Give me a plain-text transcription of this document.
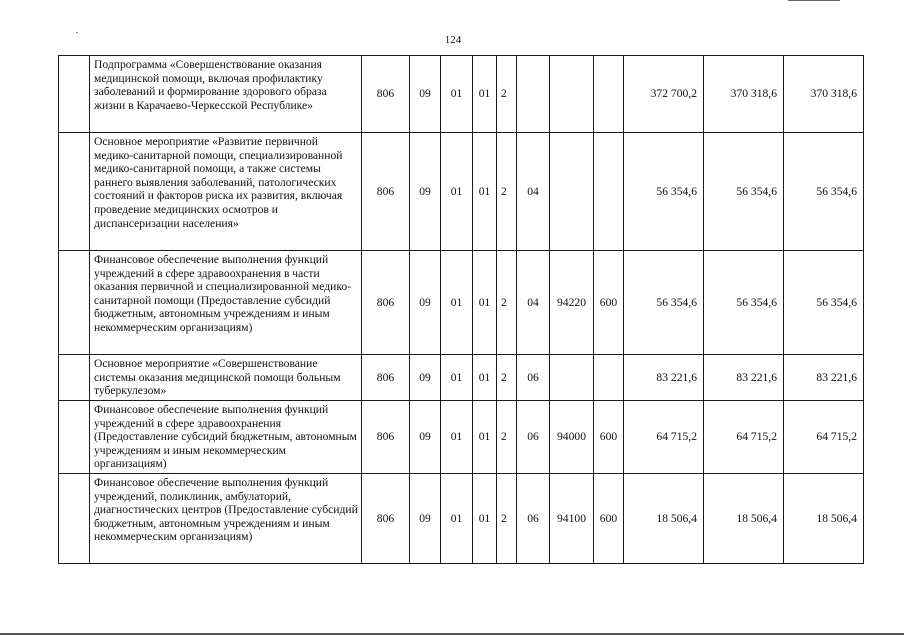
124
	Подпрограмма «Совершенствование оказания медицинской помощи, включая профилактику заболеваний и формирование здорового образа жизни в Карачаево-Черкесской Республике»	806	09	01	01	2				372 700,2	370 318,6	370 318,6
	Основное мероприятие «Развитие первичной медико-санитарной помощи, специализированной медико-санитарной помощи, а также системы раннего выявления заболеваний, патологических состояний и факторов риска их развития, включая проведение медицинских осмотров и диспансеризации населения»	806	09	01	01	2	04			56 354,6	56 354,6	56 354,6
	Финансовое обеспечение выполнения функций учреждений в сфере здравоохранения в части оказания первичной и специализированной медико-санитарной помощи (Предоставление субсидий бюджетным, автономным учреждениям и иным некоммерческим организациям)	806	09	01	01	2	04	94220	600	56 354,6	56 354,6	56 354,6
	Основное мероприятие «Совершенствование системы оказания медицинской помощи больным туберкулезом»	806	09	01	01	2	06			83 221,6	83 221,6	83 221,6
	Финансовое обеспечение выполнения функций учреждений в сфере здравоохранения (Предоставление субсидий бюджетным, автономным учреждениям и иным некоммерческим организациям)	806	09	01	01	2	06	94000	600	64 715,2	64 715,2	64 715,2
	Финансовое обеспечение выполнения функций учреждений, поликлиник, амбулаторий, диагностических центров (Предоставление субсидий бюджетным, автономным учреждениям и иным некоммерческим организациям)	806	09	01	01	2	06	94100	600	18 506,4	18 506,4	18 506,4
